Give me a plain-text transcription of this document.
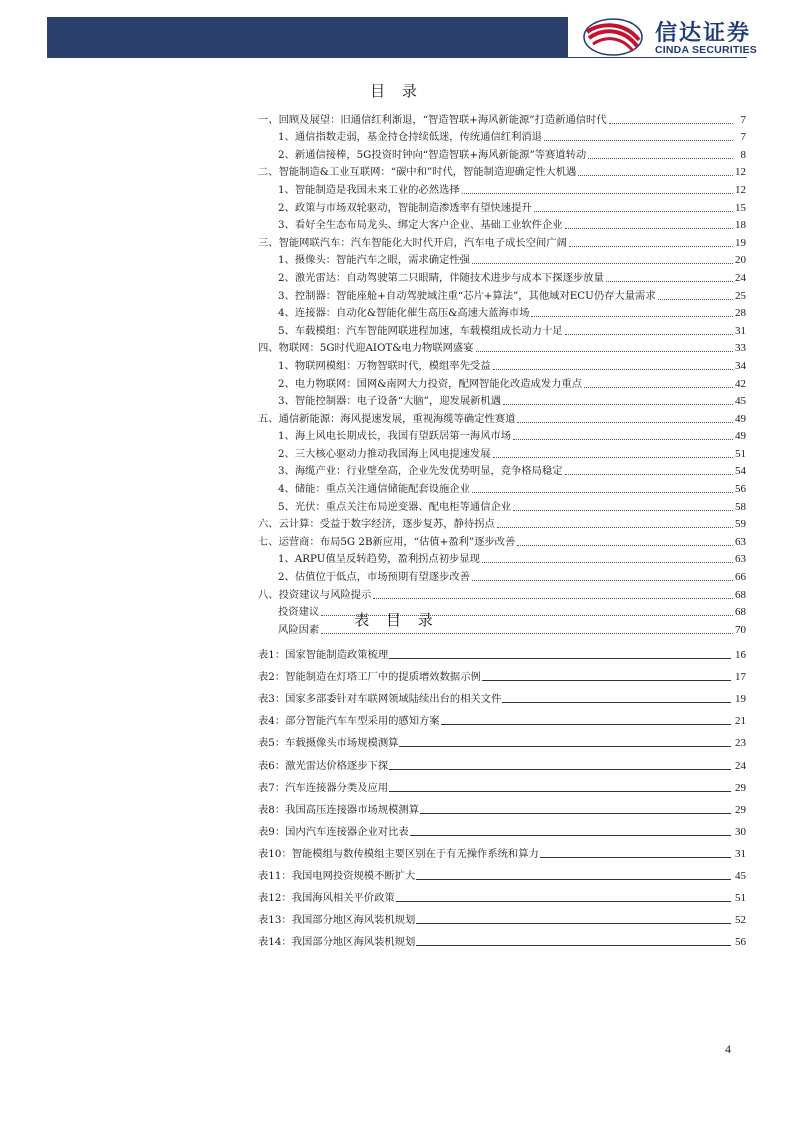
信达证券
CINDA SECURITIES
目 录
一、回顾及展望：旧通信红利渐退，“智造智联+海风新能源”打造新通信时代	7
1、通信指数走弱，基金持仓持续低迷，传统通信红利消退	7
2、新通信接棒，5G投资时钟向“智造智联+海风新能源”等赛道转动	8
二、智能制造&工业互联网：“碳中和”时代，智能制造迎确定性大机遇	12
1、智能制造是我国未来工业的必然选择	12
2、政策与市场双轮驱动，智能制造渗透率有望快速提升	15
3、看好全生态布局龙头、绑定大客户企业、基础工业软件企业	18
三、智能网联汽车：汽车智能化大时代开启，汽车电子成长空间广阔	19
1、摄像头：智能汽车之眼，需求确定性强	20
2、激光雷达：自动驾驶第二只眼睛，伴随技术进步与成本下探逐步放量	24
3、控制器：智能座舱+自动驾驶域注重“芯片+算法”，其他域对ECU仍存大量需求	25
4、连接器：自动化&智能化催生高压&高速大蓝海市场	28
5、车载模组：汽车智能网联进程加速，车载模组成长动力十足	31
四、物联网：5G时代迎AIOT&电力物联网盛宴	33
1、物联网模组：万物智联时代，模组率先受益	34
2、电力物联网：国网&南网大力投资，配网智能化改造成发力重点	42
3、智能控制器：电子设备“大脑”，迎发展新机遇	45
五、通信新能源：海风提速发展，重视海缆等确定性赛道	49
1、海上风电长期成长，我国有望跃居第一海风市场	49
2、三大核心驱动力推动我国海上风电提速发展	51
3、海缆产业：行业壁垒高，企业先发优势明显，竞争格局稳定	54
4、储能：重点关注通信储能配套设施企业	56
5、光伏：重点关注布局逆变器、配电柜等通信企业	58
六、云计算：受益于数字经济，逐步复苏，静待拐点	59
七、运营商：布局5G 2B新应用，“估值+盈利”逐步改善	63
1、ARPU值呈反转趋势，盈利拐点初步显现	63
2、估值位于低点，市场预期有望逐步改善	66
八、投资建议与风险提示	68
投资建议	68
风险因素	70
表 目 录
表1：国家智能制造政策梳理	16
表2：智能制造在灯塔工厂中的提质增效数据示例	17
表3：国家多部委针对车联网领域陆续出台的相关文件	19
表4：部分智能汽车车型采用的感知方案	21
表5：车载摄像头市场规模测算	23
表6：激光雷达价格逐步下探	24
表7：汽车连接器分类及应用	29
表8：我国高压连接器市场规模测算	29
表9：国内汽车连接器企业对比表	30
表10：智能模组与数传模组主要区别在于有无操作系统和算力	31
表11：我国电网投资规模不断扩大	45
表12：我国海风相关平价政策	51
表13：我国部分地区海风装机规划	52
表14：我国部分地区海风装机规划	56
4
